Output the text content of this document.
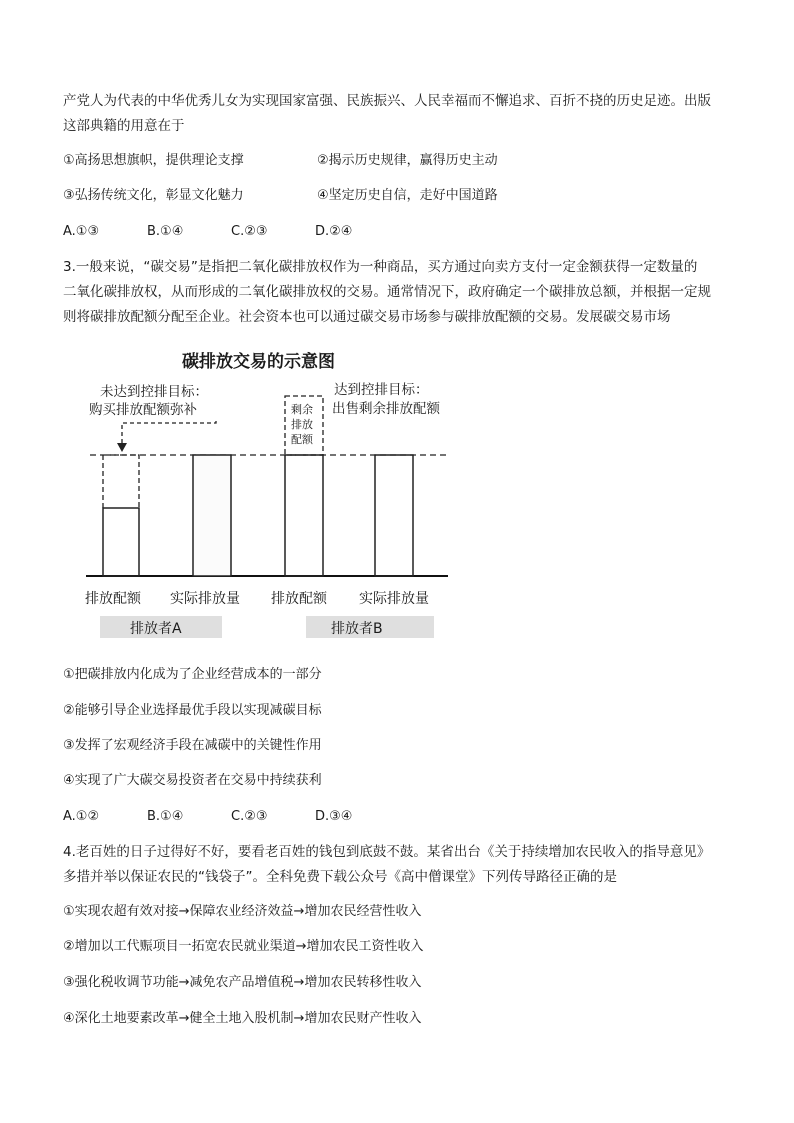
产党人为代表的中华优秀儿女为实现国家富强、民族振兴、人民幸福而不懈追求、百折不挠的历史足迹。出版
这部典籍的用意在于
①高扬思想旗帜，提供理论支撑	②揭示历史规律，赢得历史主动
③弘扬传统文化，彰显文化魅力	④坚定历史自信，走好中国道路
A.①③	B.①④	C.②③	D.②④
3.一般来说，“碳交易”是指把二氧化碳排放权作为一种商品，买方通过向卖方支付一定金额获得一定数量的
二氧化碳排放权，从而形成的二氧化碳排放权的交易。通常情况下，政府确定一个碳排放总额，并根据一定规
则将碳排放配额分配至企业。社会资本也可以通过碳交易市场参与碳排放配额的交易。发展碳交易市场
碳排放交易的示意图
未达到控排目标：
购买排放配额弥补
达到控排目标：
出售剩余排放配额
剩余
排放
配额
排放配额 实际排放量 排放配额 实际排放量
排放者A	排放者B
①把碳排放内化成为了企业经营成本的一部分
②能够引导企业选择最优手段以实现减碳目标
③发挥了宏观经济手段在减碳中的关键性作用
④实现了广大碳交易投资者在交易中持续获利
A.①②	B.①④	C.②③	D.③④
4.老百姓的日子过得好不好，要看老百姓的钱包到底鼓不鼓。某省出台《关于持续增加农民收入的指导意见》
多措并举以保证农民的“钱袋子”。全科免费下载公众号《高中僧课堂》下列传导路径正确的是
①实现农超有效对接→保障农业经济效益→增加农民经营性收入
②增加以工代赈项目一拓宽农民就业渠道→增加农民工资性收入
③强化税收调节功能→减免农产品增值税→增加农民转移性收入
④深化土地要素改革→健全土地入股机制→增加农民财产性收入
